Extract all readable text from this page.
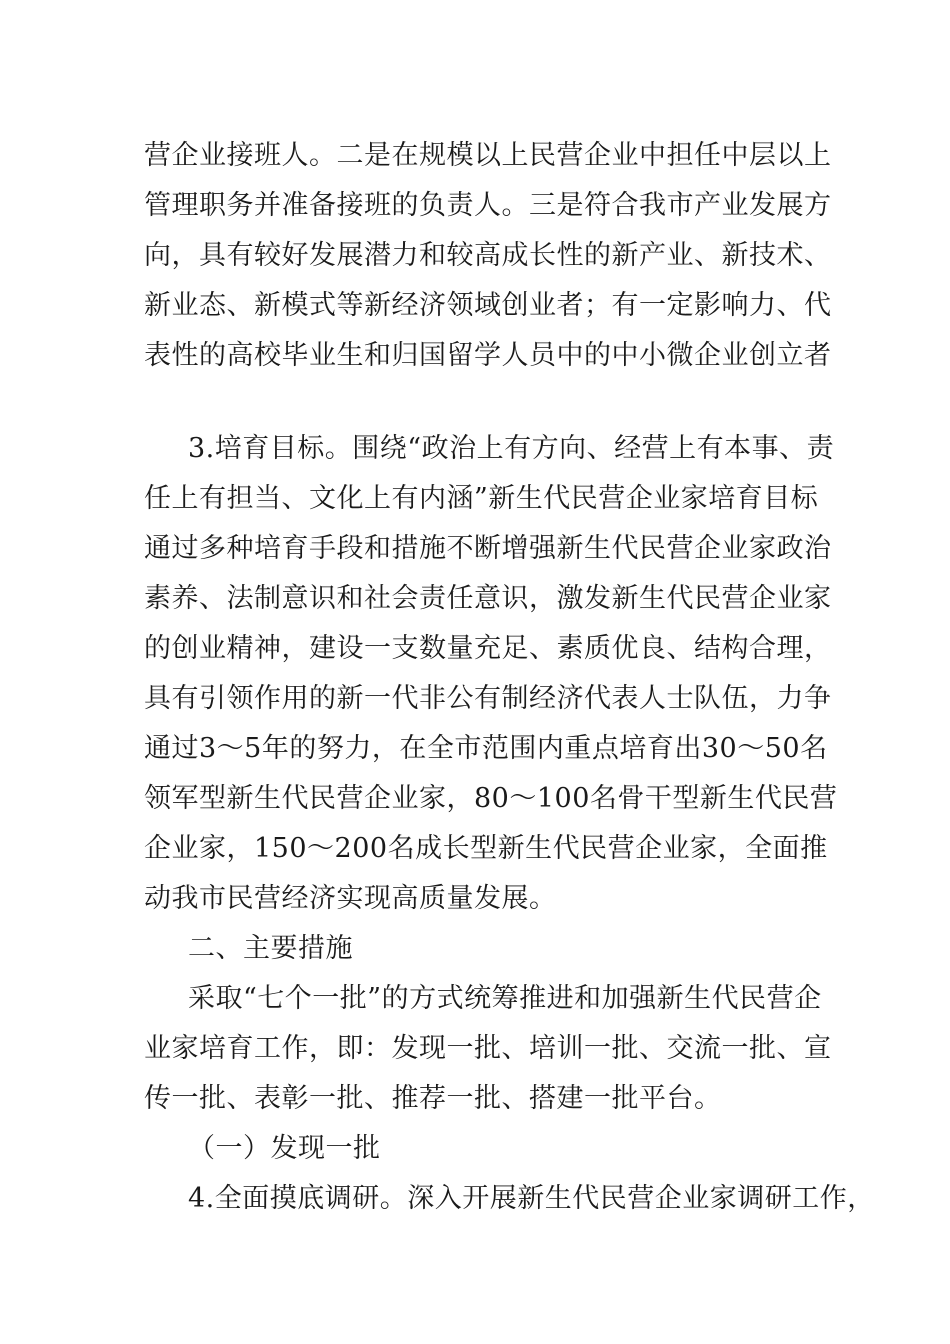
营企业接班人。二是在规模以上民营企业中担任中层以上
管理职务并准备接班的负责人。三是符合我市产业发展方
向，具有较好发展潜力和较高成长性的新产业、新技术、
新业态、新模式等新经济领域创业者；有一定影响力、代
表性的高校毕业生和归国留学人员中的中小微企业创立者
3.培育目标。围绕“政治上有方向、经营上有本事、责
任上有担当、文化上有内涵”新生代民营企业家培育目标
通过多种培育手段和措施不断增强新生代民营企业家政治
素养、法制意识和社会责任意识，激发新生代民营企业家
的创业精神，建设一支数量充足、素质优良、结构合理，
具有引领作用的新一代非公有制经济代表人士队伍，力争
通过3～5年的努力，在全市范围内重点培育出30～50名
领军型新生代民营企业家，80～100名骨干型新生代民营
企业家，150～200名成长型新生代民营企业家，全面推
动我市民营经济实现高质量发展。
二、主要措施
采取“七个一批”的方式统筹推进和加强新生代民营企
业家培育工作，即：发现一批、培训一批、交流一批、宣
传一批、表彰一批、推荐一批、搭建一批平台。
（一）发现一批
4.全面摸底调研。深入开展新生代民营企业家调研工作，
